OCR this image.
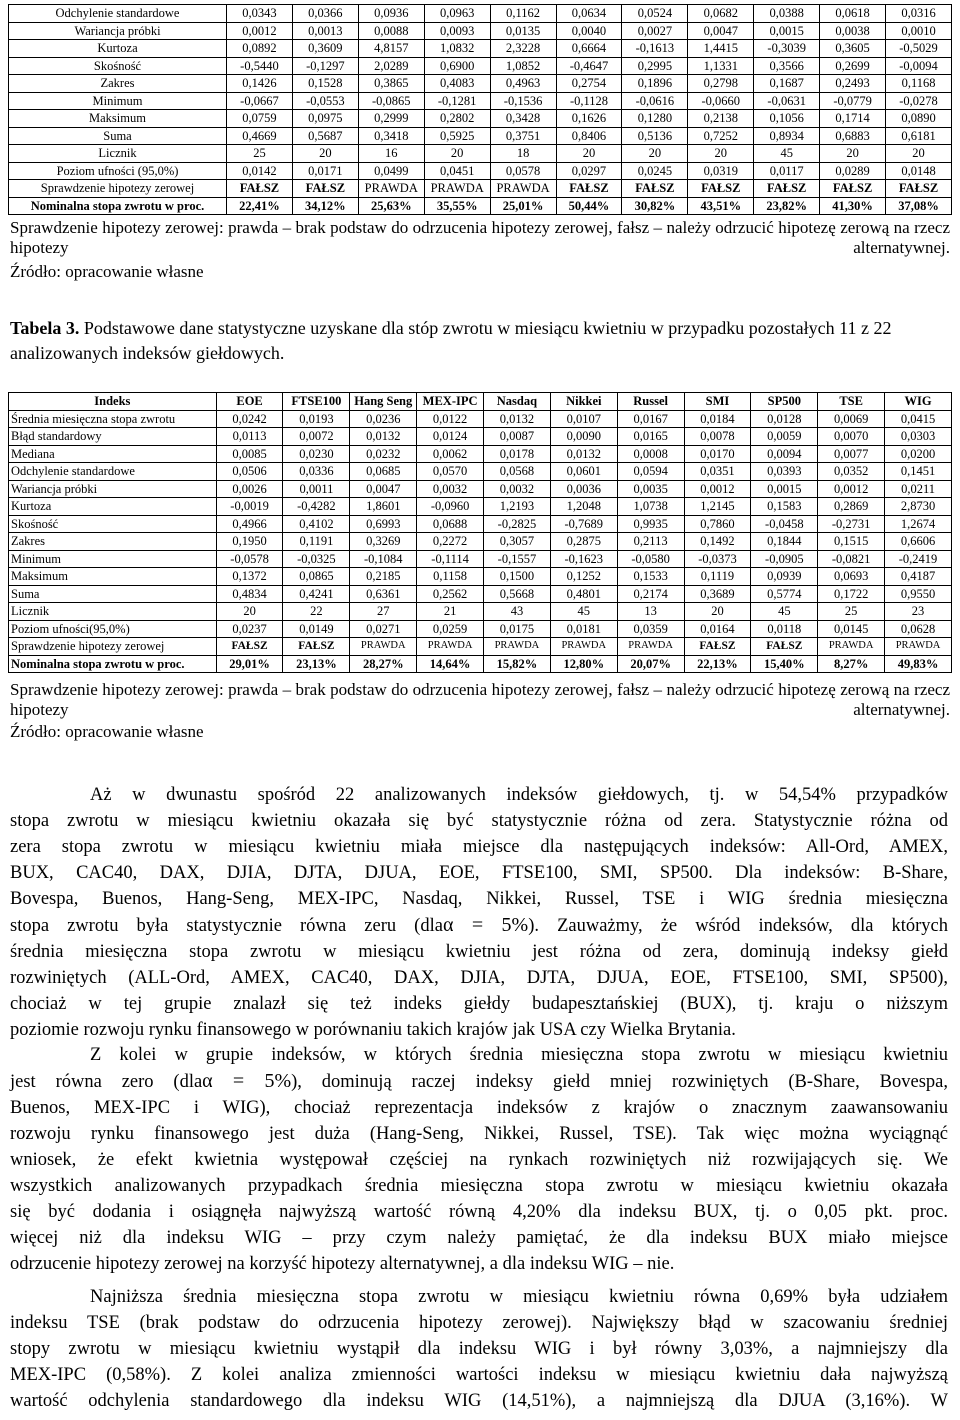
Odchylenie standardowe	0,0343	0,0366	0,0936	0,0963	0,1162	0,0634	0,0524	0,0682	0,0388	0,0618	0,0316
Wariancja próbki	0,0012	0,0013	0,0088	0,0093	0,0135	0,0040	0,0027	0,0047	0,0015	0,0038	0,0010
Kurtoza	0,0892	0,3609	4,8157	1,0832	2,3228	0,6664	-0,1613	1,4415	-0,3039	0,3605	-0,5029
Skośność	-0,5440	-0,1297	2,0289	0,6900	1,0852	-0,4647	0,2995	1,1331	0,3566	0,2699	-0,0094
Zakres	0,1426	0,1528	0,3865	0,4083	0,4963	0,2754	0,1896	0,2798	0,1687	0,2493	0,1168
Minimum	-0,0667	-0,0553	-0,0865	-0,1281	-0,1536	-0,1128	-0,0616	-0,0660	-0,0631	-0,0779	-0,0278
Maksimum	0,0759	0,0975	0,2999	0,2802	0,3428	0,1626	0,1280	0,2138	0,1056	0,1714	0,0890
Suma	0,4669	0,5687	0,3418	0,5925	0,3751	0,8406	0,5136	0,7252	0,8934	0,6883	0,6181
Licznik	25	20	16	20	18	20	20	20	45	20	20
Poziom ufności (95,0%)	0,0142	0,0171	0,0499	0,0451	0,0578	0,0297	0,0245	0,0319	0,0117	0,0289	0,0148
Sprawdzenie hipotezy zerowej	FAŁSZ	FAŁSZ	PRAWDA	PRAWDA	PRAWDA	FAŁSZ	FAŁSZ	FAŁSZ	FAŁSZ	FAŁSZ	FAŁSZ
Nominalna stopa zwrotu w proc.	22,41%	34,12%	25,63%	35,55%	25,01%	50,44%	30,82%	43,51%	23,82%	41,30%	37,08%
Sprawdzenie hipotezy zerowej: prawda – brak podstaw do odrzucenia hipotezy zerowej, fałsz – należy odrzucić hipotezę zerową na rzecz hipotezy alternatywnej.
Źródło: opracowanie własne
Tabela 3. Podstawowe dane statystyczne uzyskane dla stóp zwrotu w miesiącu kwietniu w przypadku pozostałych 11 z 22 analizowanych indeksów giełdowych.
Indeks	EOE	FTSE100	Hang Seng	MEX-IPC	Nasdaq	Nikkei	Russel	SMI	SP500	TSE	WIG
Średnia miesięczna stopa zwrotu	0,0242	0,0193	0,0236	0,0122	0,0132	0,0107	0,0167	0,0184	0,0128	0,0069	0,0415
Błąd standardowy	0,0113	0,0072	0,0132	0,0124	0,0087	0,0090	0,0165	0,0078	0,0059	0,0070	0,0303
Mediana	0,0085	0,0230	0,0232	0,0062	0,0178	0,0132	0,0008	0,0170	0,0094	0,0077	0,0200
Odchylenie standardowe	0,0506	0,0336	0,0685	0,0570	0,0568	0,0601	0,0594	0,0351	0,0393	0,0352	0,1451
Wariancja próbki	0,0026	0,0011	0,0047	0,0032	0,0032	0,0036	0,0035	0,0012	0,0015	0,0012	0,0211
Kurtoza	-0,0019	-0,4282	1,8601	-0,0960	1,2193	1,2048	1,0738	1,2145	0,1583	0,2869	2,8730
Skośność	0,4966	0,4102	0,6993	0,0688	-0,2825	-0,7689	0,9935	0,7860	-0,0458	-0,2731	1,2674
Zakres	0,1950	0,1191	0,3269	0,2272	0,3057	0,2875	0,2113	0,1492	0,1844	0,1515	0,6606
Minimum	-0,0578	-0,0325	-0,1084	-0,1114	-0,1557	-0,1623	-0,0580	-0,0373	-0,0905	-0,0821	-0,2419
Maksimum	0,1372	0,0865	0,2185	0,1158	0,1500	0,1252	0,1533	0,1119	0,0939	0,0693	0,4187
Suma	0,4834	0,4241	0,6361	0,2562	0,5668	0,4801	0,2174	0,3689	0,5774	0,1722	0,9550
Licznik	20	22	27	21	43	45	13	20	45	25	23
Poziom ufności(95,0%)	0,0237	0,0149	0,0271	0,0259	0,0175	0,0181	0,0359	0,0164	0,0118	0,0145	0,0628
Sprawdzenie hipotezy zerowej	FAŁSZ	FAŁSZ	PRAWDA	PRAWDA	PRAWDA	PRAWDA	PRAWDA	FAŁSZ	FAŁSZ	PRAWDA	PRAWDA
Nominalna stopa zwrotu w proc.	29,01%	23,13%	28,27%	14,64%	15,82%	12,80%	20,07%	22,13%	15,40%	8,27%	49,83%
Sprawdzenie hipotezy zerowej: prawda – brak podstaw do odrzucenia hipotezy zerowej, fałsz – należy odrzucić hipotezę zerową na rzecz hipotezy alternatywnej.
Źródło: opracowanie własne
Aż w dwunastu spośród 22 analizowanych indeksów giełdowych, tj. w 54,54% przypadków
stopa zwrotu w miesiącu kwietniu okazała się być statystycznie różna od zera. Statystycznie różna od
zera stopa zwrotu w miesiącu kwietniu miała miejsce dla następujących indeksów: All-Ord, AMEX,
BUX, CAC40, DAX, DJIA, DJTA, DJUA, EOE, FTSE100, SMI, SP500. Dla indeksów: B-Share,
Bovespa, Buenos, Hang-Seng, MEX-IPC, Nasdaq, Nikkei, Russel, TSE i WIG średnia miesięczna
stopa zwrotu była statystycznie równa zeru (dlaα = 5%). Zauważmy, że wśród indeksów, dla których
średnia miesięczna stopa zwrotu w miesiącu kwietniu jest różna od zera, dominują indeksy giełd
rozwiniętych (ALL-Ord, AMEX, CAC40, DAX, DJIA, DJTA, DJUA, EOE, FTSE100, SMI, SP500),
chociaż w tej grupie znalazł się też indeks giełdy budapesztańskiej (BUX), tj. kraju o niższym
poziomie rozwoju rynku finansowego w porównaniu takich krajów jak USA czy Wielka Brytania.
Z kolei w grupie indeksów, w których średnia miesięczna stopa zwrotu w miesiącu kwietniu
jest równa zero (dlaα = 5%), dominują raczej indeksy giełd mniej rozwiniętych (B-Share, Bovespa,
Buenos, MEX-IPC i WIG), chociaż reprezentacja indeksów z krajów o znacznym zaawansowaniu
rozwoju rynku finansowego jest duża (Hang-Seng, Nikkei, Russel, TSE). Tak więc można wyciągnąć
wniosek, że efekt kwietnia występował częściej na rynkach rozwiniętych niż rozwijających się. We
wszystkich analizowanych przypadkach średnia miesięczna stopa zwrotu w miesiącu kwietniu okazała
się być dodania i osiągnęła najwyższą wartość równą 4,20% dla indeksu BUX, tj. o 0,05 pkt. proc.
więcej niż dla indeksu WIG – przy czym należy pamiętać, że dla indeksu BUX miało miejsce
odrzucenie hipotezy zerowej na korzyść hipotezy alternatywnej, a dla indeksu WIG – nie.
Najniższa średnia miesięczna stopa zwrotu w miesiącu kwietniu równa 0,69% była udziałem
indeksu TSE (brak podstaw do odrzucenia hipotezy zerowej). Największy błąd w szacowaniu średniej
stopy zwrotu w miesiącu kwietniu wystąpił dla indeksu WIG i był równy 3,03%, a najmniejszy dla
MEX-IPC (0,58%). Z kolei analiza zmienności wartości indeksu w miesiącu kwietniu dała najwyższą
wartość odchylenia standardowego dla indeksu WIG (14,51%), a najmniejszą dla DJUA (3,16%). W
